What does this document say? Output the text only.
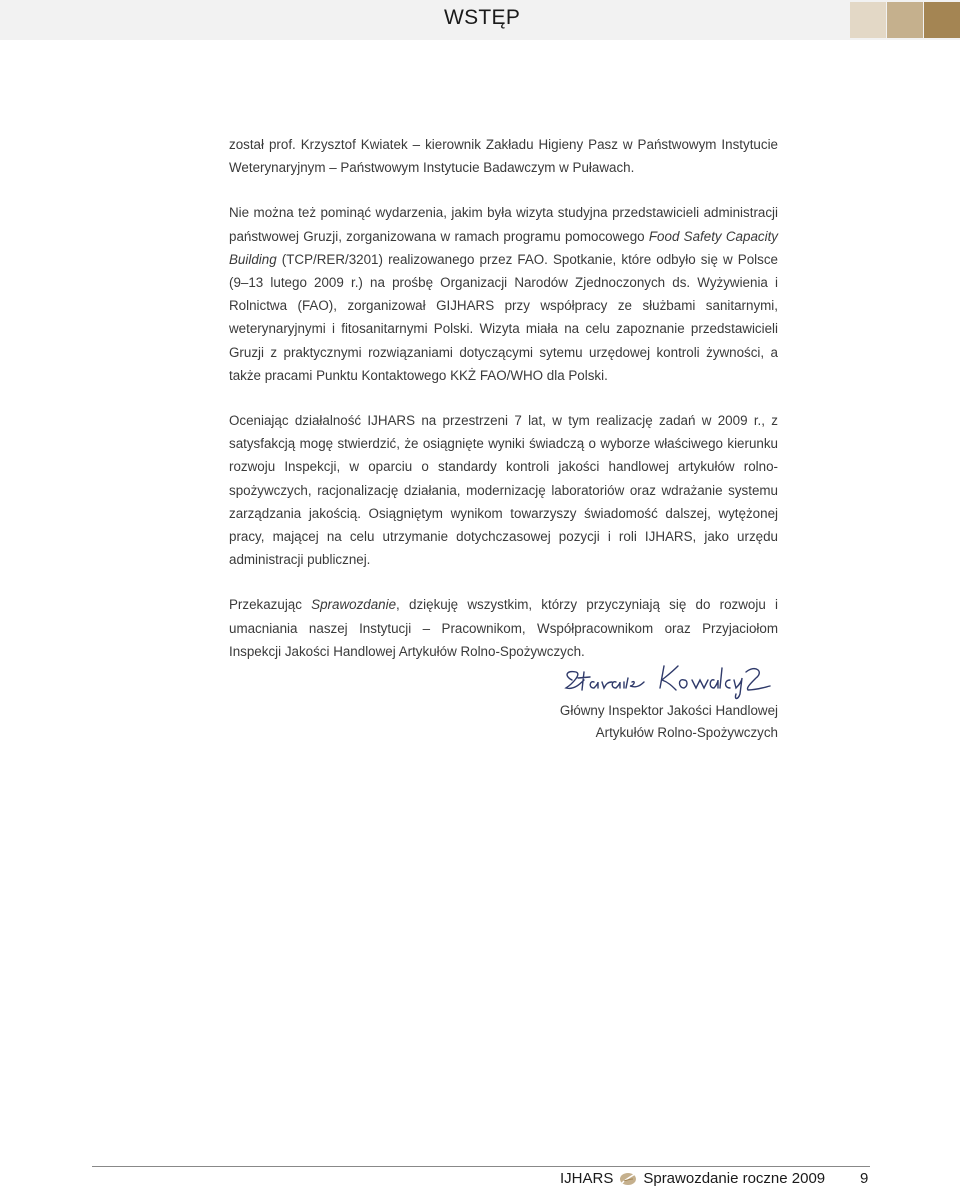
WSTĘP

został prof. Krzysztof Kwiatek – kierownik Zakładu Higieny Pasz w Państwowym Instytucie Weterynaryjnym – Państwowym Instytucie Badawczym w Puławach.

Nie można też pominąć wydarzenia, jakim była wizyta studyjna przedstawicieli administracji państwowej Gruzji, zorganizowana w ramach programu pomocowego Food Safety Capacity Building (TCP/RER/3201) realizowanego przez FAO. Spotkanie, które odbyło się w Polsce (9–13 lutego 2009 r.) na prośbę Organizacji Narodów Zjednoczonych ds. Wyżywienia i Rolnictwa (FAO), zorganizował GIJHARS przy współpracy ze służbami sanitarnymi, weterynaryjnymi i fitosanitarnymi Polski. Wizyta miała na celu zapoznanie przedstawicieli Gruzji z praktycznymi rozwiązaniami dotyczącymi sytemu urzędowej kontroli żywności, a także pracami Punktu Kontaktowego KKŻ FAO/WHO dla Polski.

Oceniając działalność IJHARS na przestrzeni 7 lat, w tym realizację zadań w 2009 r., z satysfakcją mogę stwierdzić, że osiągnięte wyniki świadczą o wyborze właściwego kierunku rozwoju Inspekcji, w oparciu o standardy kontroli jakości handlowej artykułów rolno-spożywczych, racjonalizację działania, modernizację laboratoriów oraz wdrażanie systemu zarządzania jakością. Osiągniętym wynikom towarzyszy świadomość dalszej, wytężonej pracy, mającej na celu utrzymanie dotychczasowej pozycji i roli IJHARS, jako urzędu administracji publicznej.

Przekazując Sprawozdanie, dziękuję wszystkim, którzy przyczyniają się do rozwoju i umacniania naszej Instytucji – Pracownikom, Współpracownikom oraz Przyjaciołom Inspekcji Jakości Handlowej Artykułów Rolno-Spożywczych.

Główny Inspektor Jakości Handlowej
Artykułów Rolno-Spożywczych
IJHARS Sprawozdanie roczne 2009 9
